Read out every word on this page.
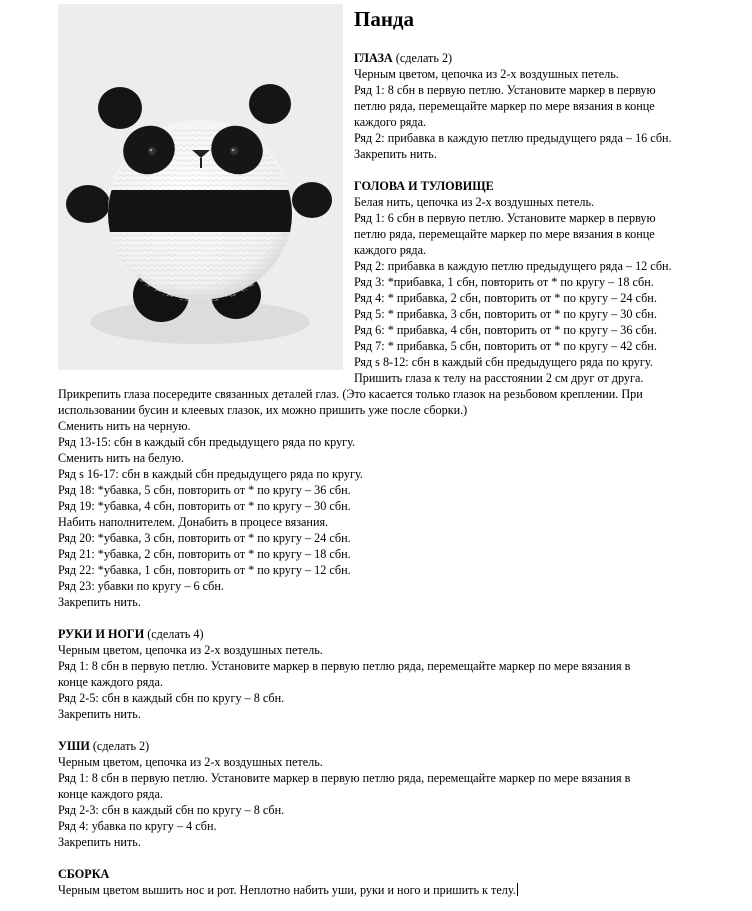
Панда
ГЛАЗА (сделать 2)
Черным цветом, цепочка из 2-х воздушных петель.
Ряд 1: 8 сбн в первую петлю. Установите маркер в первую
петлю ряда, перемещайте маркер по мере вязания в конце
каждого ряда.
Ряд 2: прибавка в каждую петлю предыдущего ряда – 16 сбн.
Закрепить нить.
ГОЛОВА И ТУЛОВИЩЕ
Белая нить, цепочка из 2-х воздушных петель.
Ряд 1: 6 сбн в первую петлю. Установите маркер в первую
петлю ряда, перемещайте маркер по мере вязания в конце
каждого ряда.
Ряд 2: прибавка в каждую петлю предыдущего ряда – 12 сбн.
Ряд 3: *прибавка, 1 сбн, повторить от * по кругу – 18 сбн.
Ряд 4: * прибавка, 2 сбн, повторить от * по кругу – 24 сбн.
Ряд 5: * прибавка, 3 сбн, повторить от * по кругу – 30 сбн.
Ряд 6: * прибавка, 4 сбн, повторить от * по кругу – 36 сбн.
Ряд 7: * прибавка, 5 сбн, повторить от * по кругу – 42 сбн.
Ряд s 8-12: сбн в каждый сбн предыдущего ряда по кругу.
Пришить глаза к телу на расстоянии 2 см друг от друга.
Прикрепить глаза посередите связанных деталей глаз. (Это касается только глазок на резьбовом креплении. При
использовании бусин и клеевых глазок, их можно пришить уже после сборки.)
Сменить нить на черную.
Ряд 13-15: сбн в каждый сбн предыдущего ряда по кругу.
Сменить нить на белую.
Ряд s 16-17: сбн в каждый сбн предыдущего ряда по кругу.
Ряд 18: *убавка, 5 сбн, повторить от * по кругу – 36 сбн.
Ряд 19: *убавка, 4 сбн, повторить от * по кругу – 30 сбн.
Набить наполнителем. Донабить в процесе вязания.
Ряд 20: *убавка, 3 сбн, повторить от * по кругу – 24 сбн.
Ряд 21: *убавка, 2 сбн, повторить от * по кругу – 18 сбн.
Ряд 22: *убавка, 1 сбн, повторить от * по кругу – 12 сбн.
Ряд 23: убавки по кругу – 6 сбн.
Закрепить нить.
РУКИ И НОГИ (сделать 4)
Черным цветом, цепочка из 2-х воздушных петель.
Ряд 1: 8 сбн в первую петлю. Установите маркер в первую петлю ряда, перемещайте маркер по мере вязания в
конце каждого ряда.
Ряд 2-5: сбн в каждый сбн по кругу – 8 сбн.
Закрепить нить.
УШИ (сделать 2)
Черным цветом, цепочка из 2-х воздушных петель.
Ряд 1: 8 сбн в первую петлю. Установите маркер в первую петлю ряда, перемещайте маркер по мере вязания в
конце каждого ряда.
Ряд 2-3: сбн в каждый сбн по кругу – 8 сбн.
Ряд 4: убавка по кругу – 4 сбн.
Закрепить нить.
СБОРКА
Черным цветом вышить нос и рот. Неплотно набить уши, руки и ного и пришить к телу.
